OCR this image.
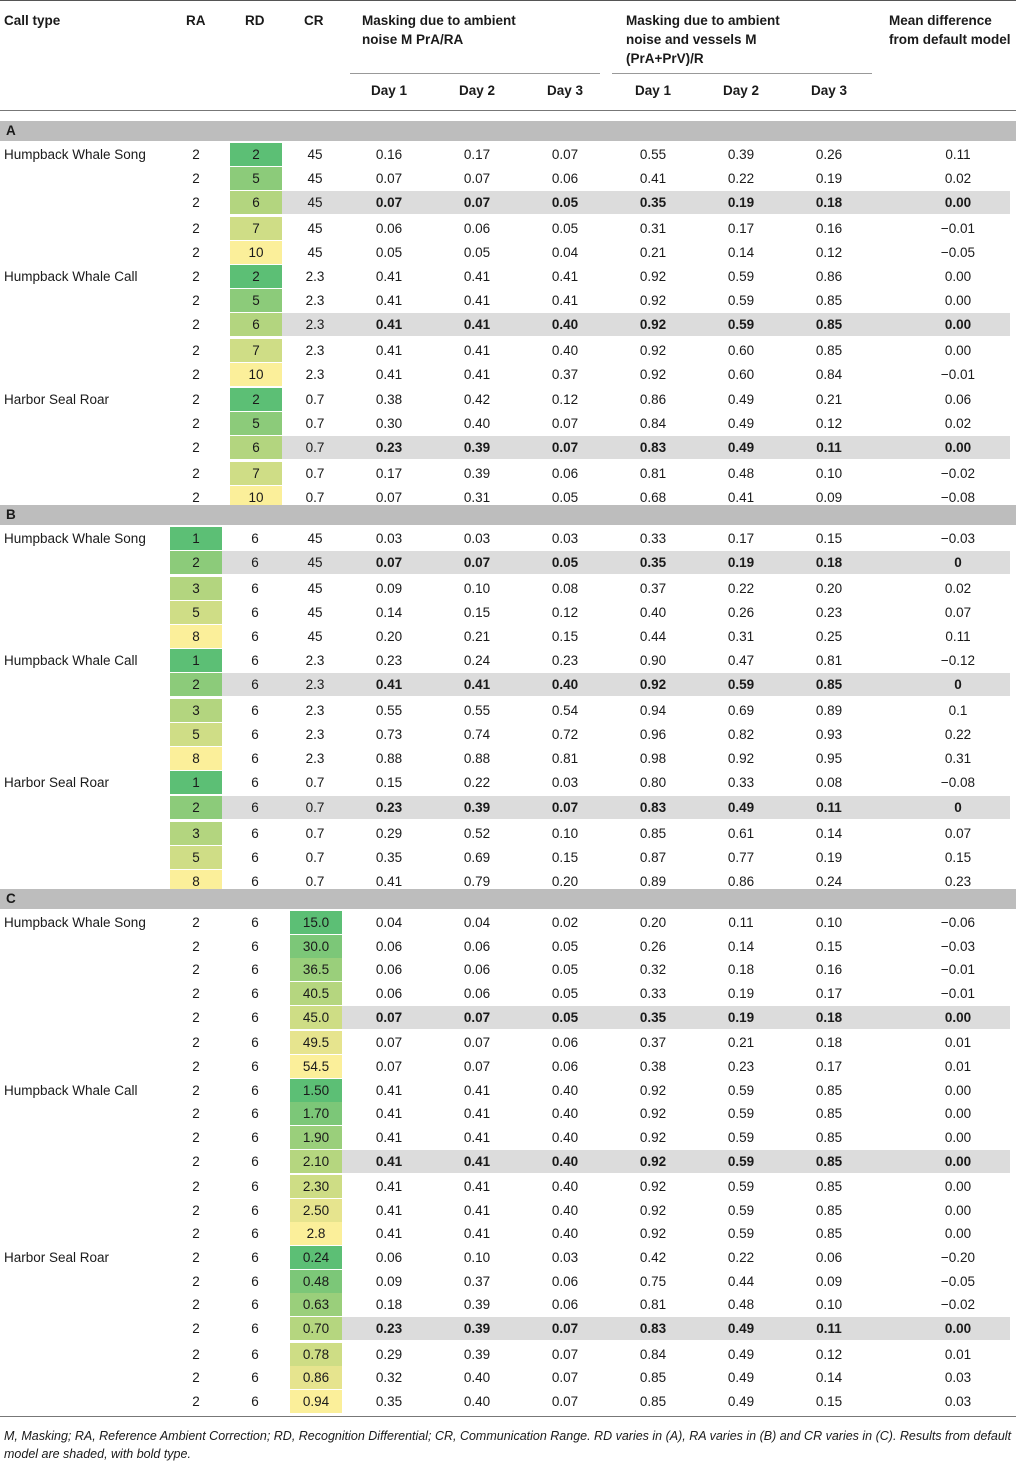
Call type	RA	RD	CR	Masking due to ambient noise M PrA/RA
Masking due to ambient noise and vessels M (PrA+PrV)/R
Mean difference from default model
Day 1	Day 2	Day 3	Day 1	Day 2	Day 3
A
Humpback Whale Song	2	2	45	0.16	0.17	0.07	0.55	0.39	0.26	0.11
2	5	45	0.07	0.07	0.06	0.41	0.22	0.19	0.02
2	6	45	0.07	0.07	0.05	0.35	0.19	0.18	0.00
2	7	45	0.06	0.06	0.05	0.31	0.17	0.16	−0.01
2	10	45	0.05	0.05	0.04	0.21	0.14	0.12	−0.05
Humpback Whale Call	2	2	2.3	0.41	0.41	0.41	0.92	0.59	0.86	0.00
2	5	2.3	0.41	0.41	0.41	0.92	0.59	0.85	0.00
2	6	2.3	0.41	0.41	0.40	0.92	0.59	0.85	0.00
2	7	2.3	0.41	0.41	0.40	0.92	0.60	0.85	0.00
2	10	2.3	0.41	0.41	0.37	0.92	0.60	0.84	−0.01
Harbor Seal Roar	2	2	0.7	0.38	0.42	0.12	0.86	0.49	0.21	0.06
2	5	0.7	0.30	0.40	0.07	0.84	0.49	0.12	0.02
2	6	0.7	0.23	0.39	0.07	0.83	0.49	0.11	0.00
2	7	0.7	0.17	0.39	0.06	0.81	0.48	0.10	−0.02
2	10	0.7	0.07	0.31	0.05	0.68	0.41	0.09	−0.08
B
Humpback Whale Song	1	6	45	0.03	0.03	0.03	0.33	0.17	0.15	−0.03
2	6	45	0.07	0.07	0.05	0.35	0.19	0.18	0
3	6	45	0.09	0.10	0.08	0.37	0.22	0.20	0.02
5	6	45	0.14	0.15	0.12	0.40	0.26	0.23	0.07
8	6	45	0.20	0.21	0.15	0.44	0.31	0.25	0.11
Humpback Whale Call	1	6	2.3	0.23	0.24	0.23	0.90	0.47	0.81	−0.12
2	6	2.3	0.41	0.41	0.40	0.92	0.59	0.85	0
3	6	2.3	0.55	0.55	0.54	0.94	0.69	0.89	0.1
5	6	2.3	0.73	0.74	0.72	0.96	0.82	0.93	0.22
8	6	2.3	0.88	0.88	0.81	0.98	0.92	0.95	0.31
Harbor Seal Roar	1	6	0.7	0.15	0.22	0.03	0.80	0.33	0.08	−0.08
2	6	0.7	0.23	0.39	0.07	0.83	0.49	0.11	0
3	6	0.7	0.29	0.52	0.10	0.85	0.61	0.14	0.07
5	6	0.7	0.35	0.69	0.15	0.87	0.77	0.19	0.15
8	6	0.7	0.41	0.79	0.20	0.89	0.86	0.24	0.23
C
Humpback Whale Song	2	6	15.0	0.04	0.04	0.02	0.20	0.11	0.10	−0.06
2	6	30.0	0.06	0.06	0.05	0.26	0.14	0.15	−0.03
2	6	36.5	0.06	0.06	0.05	0.32	0.18	0.16	−0.01
2	6	40.5	0.06	0.06	0.05	0.33	0.19	0.17	−0.01
2	6	45.0	0.07	0.07	0.05	0.35	0.19	0.18	0.00
2	6	49.5	0.07	0.07	0.06	0.37	0.21	0.18	0.01
2	6	54.5	0.07	0.07	0.06	0.38	0.23	0.17	0.01
Humpback Whale Call	2	6	1.50	0.41	0.41	0.40	0.92	0.59	0.85	0.00
2	6	1.70	0.41	0.41	0.40	0.92	0.59	0.85	0.00
2	6	1.90	0.41	0.41	0.40	0.92	0.59	0.85	0.00
2	6	2.10	0.41	0.41	0.40	0.92	0.59	0.85	0.00
2	6	2.30	0.41	0.41	0.40	0.92	0.59	0.85	0.00
2	6	2.50	0.41	0.41	0.40	0.92	0.59	0.85	0.00
2	6	2.8	0.41	0.41	0.40	0.92	0.59	0.85	0.00
Harbor Seal Roar	2	6	0.24	0.06	0.10	0.03	0.42	0.22	0.06	−0.20
2	6	0.48	0.09	0.37	0.06	0.75	0.44	0.09	−0.05
2	6	0.63	0.18	0.39	0.06	0.81	0.48	0.10	−0.02
2	6	0.70	0.23	0.39	0.07	0.83	0.49	0.11	0.00
2	6	0.78	0.29	0.39	0.07	0.84	0.49	0.12	0.01
2	6	0.86	0.32	0.40	0.07	0.85	0.49	0.14	0.03
2	6	0.94	0.35	0.40	0.07	0.85	0.49	0.15	0.03
M, Masking; RA, Reference Ambient Correction; RD, Recognition Differential; CR, Communication Range. RD varies in (A), RA varies in (B) and CR varies in (C). Results from default model are shaded, with bold type.
